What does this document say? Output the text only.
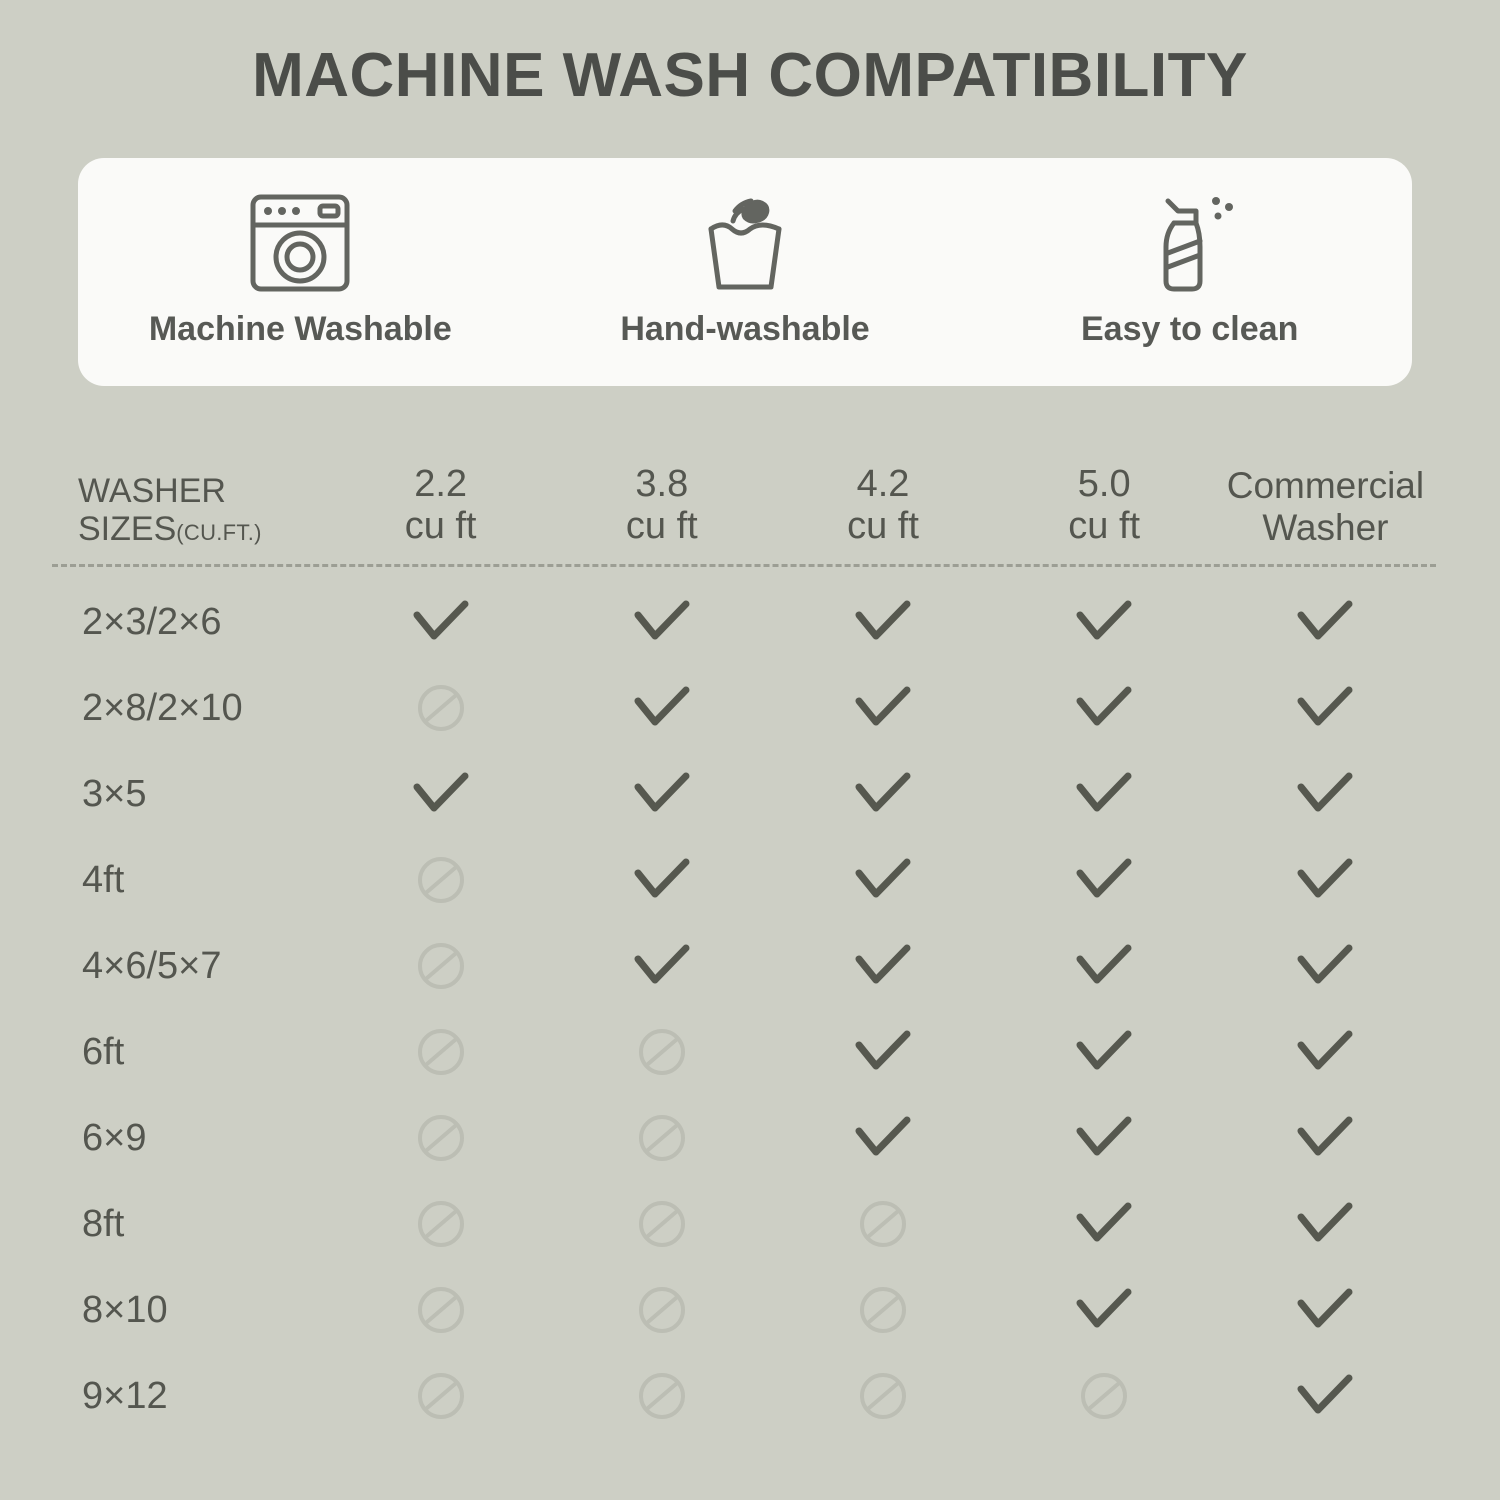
MACHINE WASH COMPATIBILITY
Machine Washable	Hand-washable	Easy to clean
WASHER SIZES(CU.FT.)
2.2
cu ft
3.8
cu ft
4.2
cu ft
5.0
cu ft
Commercial
Washer
2×3/2×6
2×8/2×10
3×5
4ft
4×6/5×7
6ft
6×9
8ft
8×10
9×12
